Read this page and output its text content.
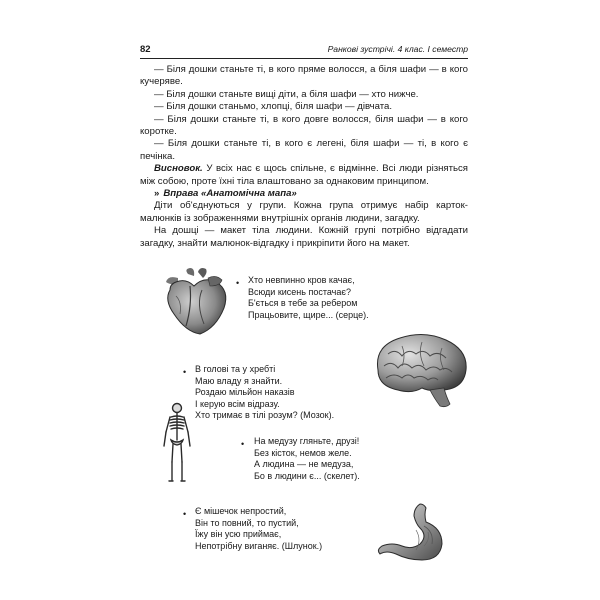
82	Ранкові зустрічі. 4 клас. І семестр

— Біля дошки станьте ті, в кого пряме волосся, а біля шафи — в кого кучеряве.

— Біля дошки станьте вищі діти, а біля шафи — хто нижче.

— Біля дошки станьмо, хлопці, біля шафи — дівчата.

— Біля дошки станьте ті, в кого довге волосся, біля шафи — в кого коротке.

— Біля дошки станьте ті, в кого є легені, біля шафи — ті, в кого є печінка.

Висновок. У всіх нас є щось спільне, є відмінне. Всі люди різняться між собою, проте їхні тіла влаштовано за однаковим принципом.

» Вправа «Анатомічна мапа»

Діти об'єднуються у групи. Кожна група отримує набір карток-малюнків із зображеннями внутрішніх органів людини, загадку.

На дошці — макет тіла людини. Кожній групі потрібно відгадати загадку, знайти малюнок-відгадку і прикріпити його на макет.

• Хто невпинно кров качає,
Всюди кисень постачає?
Б'ється в тебе за ребером
Працьовите, щире... (серце).
• В голові та у хребті
Маю владу я знайти.
Роздаю мільйон наказів
І керую всім відразу.
Хто тримає в тілі розум? (Мозок).
• На медузу гляньте, друзі!
Без кісток, немов желе.
А людина — не медуза,
Бо в людини є... (скелет).
• Є мішечок непростий,
Він то повний, то пустий,
Їжу він усю приймає,
Непотрібну виганяє. (Шлунок.)
